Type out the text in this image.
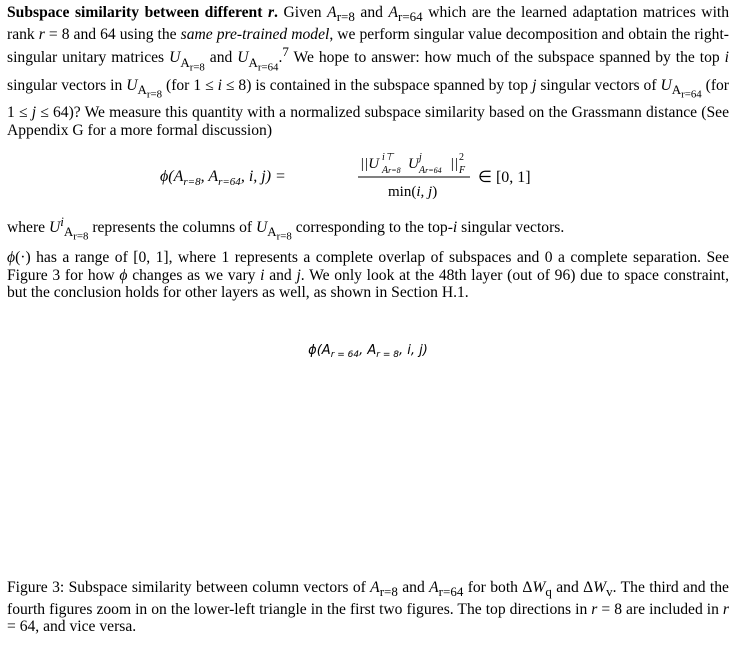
Subspace similarity between different r. Given $A_{r=8}$ and $A_{r=64}$ which are the learned adaptation matrices with rank r = 8 and 64 using the same pre-trained model, we perform singular value decomposition and obtain the right-singular unitary matrices $U_{A_{r=8}}$ and $U_{A_{r=64}}.^7$ We hope to answer: how much of the subspace spanned by the top i singular vectors in $U_{A_{r=8}}$ (for 1 ≤ i ≤ 8) is contained in the subspace spanned by top j singular vectors of $U_{A_{r=64}}$ (for 1 ≤ j ≤ 64)? We measure this quantity with a normalized subspace similarity based on the Grassmann distance (See Appendix G for a more formal discussion)

$\phi(A_{r=8}$, $A_{r=64}$, i, j) =
||U i⊤
Ar=8 U j
Ar=64 || 2
F
min(i, j)
∈ [0, 1]

where $U^i_{A_{r=8}}$ represents the columns of $U_{A_{r=8}}$ corresponding to the top-i singular vectors.

ϕ(·) has a range of [0, 1], where 1 represents a complete overlap of subspaces and 0 a complete separation. See Figure 3 for how ϕ changes as we vary i and j. We only look at the 48th layer (out of 96) due to space constraint, but the conclusion holds for other layers as well, as shown in Section H.1.

$\phi(A_{r = 64}$, $A_{r = 8}$, i, j)

Figure 3: Subspace similarity between column vectors of $A_{r=8}$ and $A_{r=64}$ for both $\Delta W_q$ and $\Delta W_v$. The third and the fourth figures zoom in on the lower-left triangle in the first two figures. The top directions in r = 8 are included in r = 64, and vice versa.
